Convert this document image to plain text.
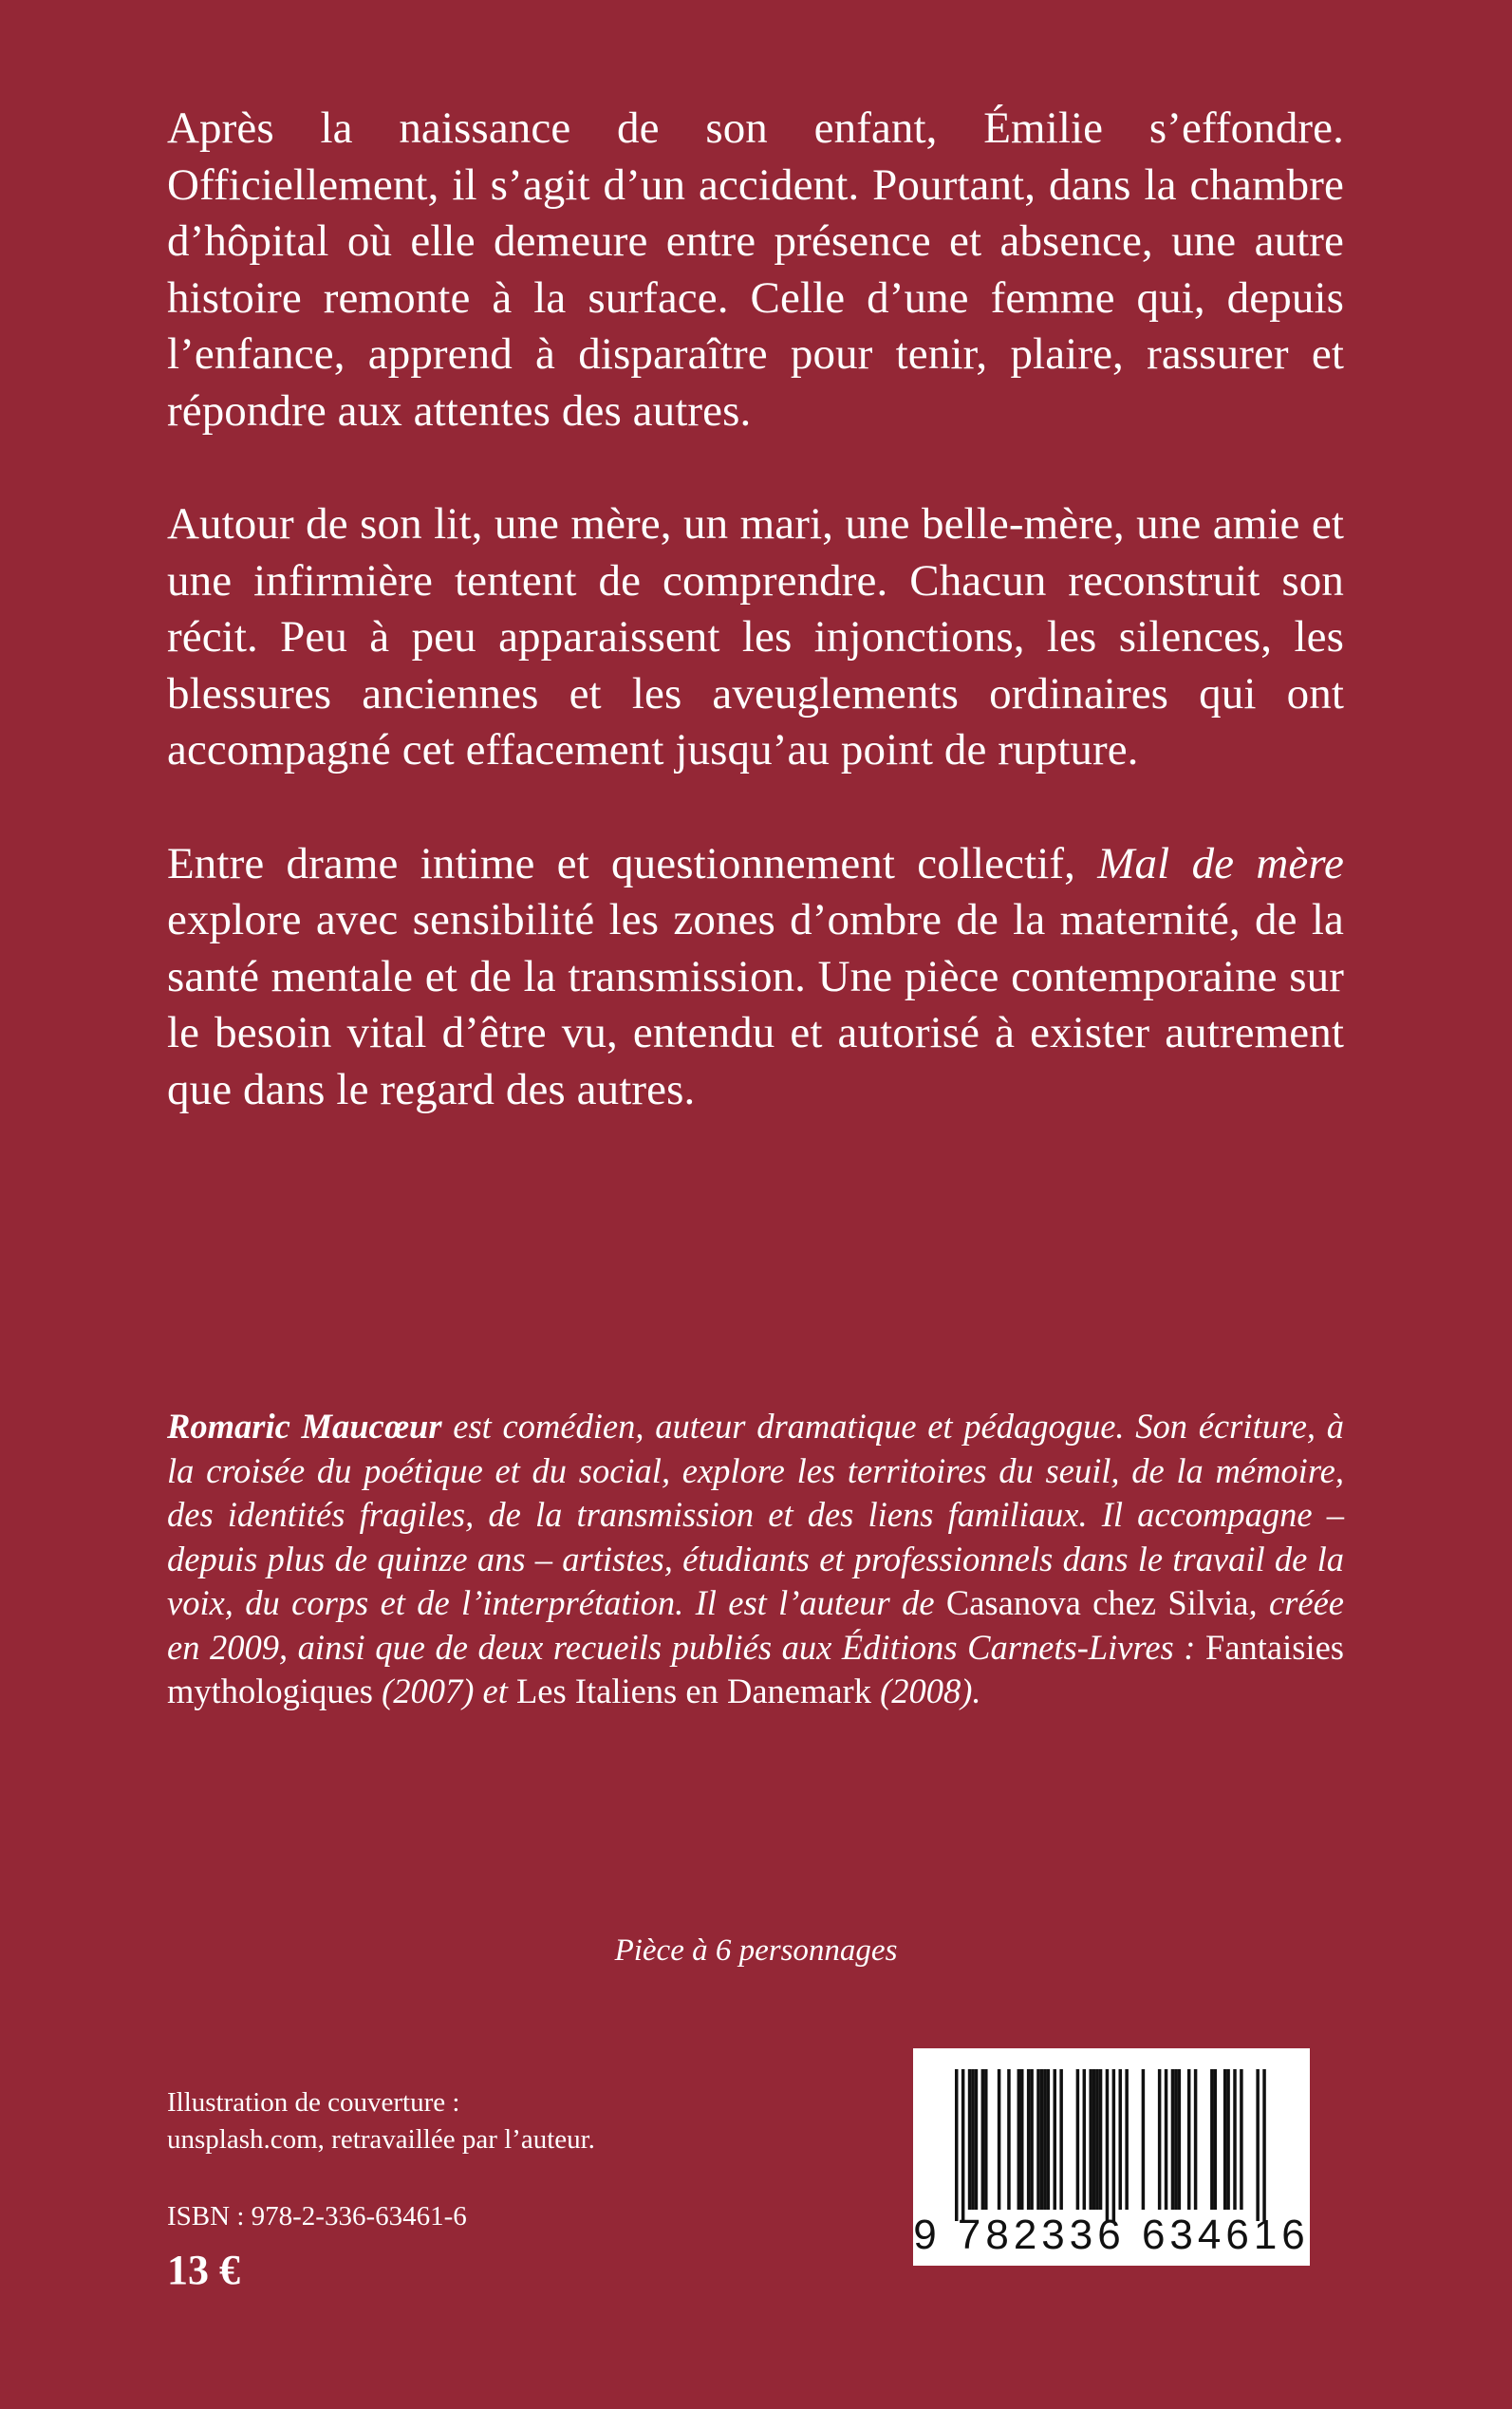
Après la naissance de son enfant, Émilie s’effondre. Officiellement, il s’agit d’un accident. Pourtant, dans la chambre d’hôpital où elle demeure entre présence et absence, une autre histoire remonte à la surface. Celle d’une femme qui, depuis l’enfance, apprend à disparaître pour tenir, plaire, rassurer et répondre aux attentes des autres.

Autour de son lit, une mère, un mari, une belle-mère, une amie et une infirmière tentent de comprendre. Chacun reconstruit son récit. Peu à peu apparaissent les injonctions, les silences, les blessures anciennes et les aveuglements ordinaires qui ont accompagné cet effacement jusqu’au point de rupture.

Entre drame intime et questionnement collectif, Mal de mère explore avec sensibilité les zones d’ombre de la maternité, de la santé mentale et de la transmission. Une pièce contemporaine sur le besoin vital d’être vu, entendu et autorisé à exister autrement que dans le regard des autres.

Romaric Maucœur est comédien, auteur dramatique et pédagogue. Son écriture, à la croisée du poétique et du social, explore les territoires du seuil, de la mémoire, des identités fragiles, de la transmission et des liens familiaux. Il accompagne – depuis plus de quinze ans – artistes, étudiants et professionnels dans le travail de la voix, du corps et de l’interprétation. Il est l’auteur de Casanova chez Silvia, créée en 2009, ainsi que de deux recueils publiés aux Éditions Carnets-Livres : Fantaisies mythologiques (2007) et Les Italiens en Danemark (2008).
Pièce à 6 personnages
Illustration de couverture :
unsplash.com, retravaillée par l’auteur.
ISBN : 978-2-336-63461-6
13 €
9 782336 634616
